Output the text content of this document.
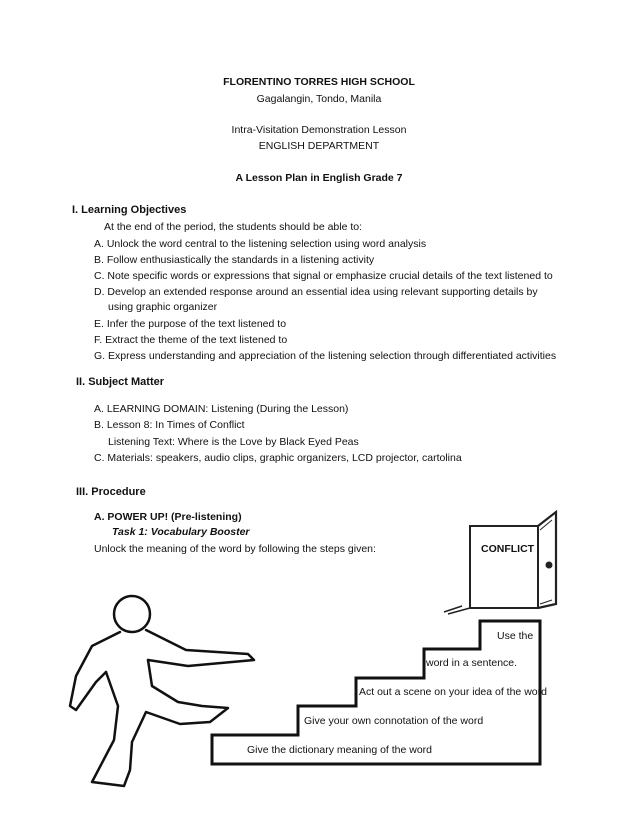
FLORENTINO TORRES HIGH SCHOOL
Gagalangin, Tondo, Manila
Intra-Visitation Demonstration Lesson
ENGLISH DEPARTMENT
A Lesson Plan in English Grade 7
I. Learning Objectives
At the end of the period, the students should be able to:
A. Unlock the word central to the listening selection using word analysis
B. Follow enthusiastically the standards in a listening activity
C. Note specific words or expressions that signal or emphasize crucial details of the text listened to
D. Develop an extended response around an essential idea using relevant supporting details by
using graphic organizer
E. Infer the purpose of the text listened to
F. Extract the theme of the text listened to
G. Express understanding and appreciation of the listening selection through differentiated activities
II. Subject Matter
A. LEARNING DOMAIN: Listening (During the Lesson)
B. Lesson 8: In Times of Conflict
Listening Text: Where is the Love by Black Eyed Peas
C. Materials: speakers, audio clips, graphic organizers, LCD projector, cartolina
III. Procedure
A. POWER UP! (Pre-listening)
Task 1: Vocabulary Booster
Unlock the meaning of the word by following the steps given:	CONFLICT
Give the dictionary meaning of the word
Give your own connotation of the word
Act out a scene on your idea of the word
word in a sentence.
Use the
